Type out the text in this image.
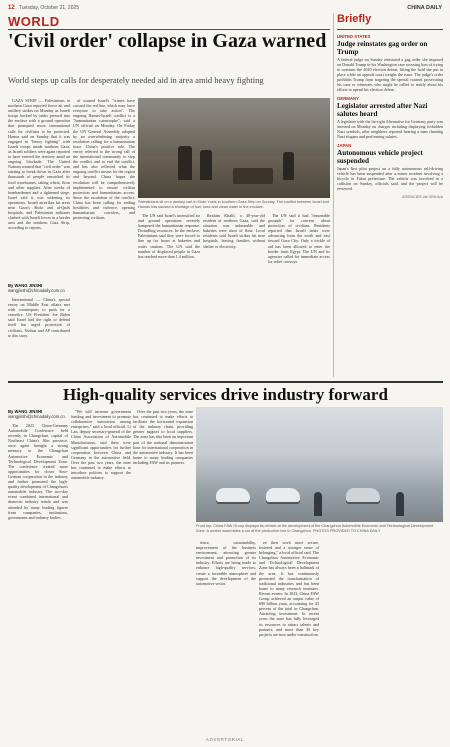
12 Tuesday, October 21, 2025	CHINA DAILY
WORLD
'Civil order' collapse in Gaza warned
World steps up calls for desperately needed aid in area amid heavy fighting

GAZA STRIP — Palestinians in northern Gaza reported fierce air and artillery strikes on Monday as Israeli troops backed by tanks pressed into the enclave with a ground operation that prompted more international calls for civilians to be protected. Hamas said on Sunday that it was engaged in "heavy fighting" with Israeli troops inside northern Gaza, as Israeli soldiers were again reported to have entered the territory amid an ongoing blockade. The United Nations warned that "civil order" was starting to break down in Gaza after thousands of people ransacked its food warehouses, taking wheat, flour and other supplies. After weeks of bombardment and a tightened siege, Israel said it was widening its operations. Israeli airstrikes hit areas near Gaza's Shifa and al-Quds hospitals, and Palestinian militants clashed with Israeli forces in a border area and the northern Gaza Strip, according to reports.

of wanted Israel's "crimes have crossed the red line, which may force everyone to take action". The ongoing Hamas-Israeli conflict is a "humanitarian catastrophe", said a UN official on Monday. On Friday the UN General Assembly adopted by an overwhelming majority a resolution calling for a humanitarian truce. China's positive role. The envoy referred to the strong call of the international community to stop the conflict and to end the conflict, and has also reflected what the ongoing conflict means for the region and beyond. China hopes the resolution will be comprehensively implemented to ensure civilian protection and humanitarian access. Since the escalation of the conflict, China has been calling for ending hostilities and violence, opening humanitarian corridors, and protecting civilians.

Palestinians sit on a donkey cart in Khan Yunis in southern Gaza Strip on Sunday. The conflict between Israel and Hamas has caused a shortage of fuel, food and clean water in the enclave.

The UN said Israel's intensified air and ground operations severely hampered the humanitarian response. Dwindling resources. In the enclave, Palestinians said they were forced to line up for hours at bakeries and water stations. The UN said the number of displaced people in Gaza has reached more than 1.4 million.

Ibrahim Khalil, a 40-year-old resident of northern Gaza, said the situation was unbearable and bakeries were short of flour. Local residents said Israeli strikes hit near hospitals, leaving families without shelter or electricity.

The UN said it had "reasonable grounds" for concern about protection of civilians. Residents reported that Israeli tanks were advancing from the north and east toward Gaza City. Only a trickle of aid has been allowed to enter the border from Egypt. The UN and its agencies called for immediate access for relief convoys.

By WANG JINSHI
wangjinshi@chinadaily.com.cn

International — China's special envoy on Middle East affairs met with counterparts to push for a ceasefire. US President Joe Biden said Israel had the right to defend itself but urged protection of civilians. Xinhua and AP contributed to this story.

Briefly
UNITED STATES
Judge reinstates gag order on Trump
A federal judge on Sunday reinstated a gag order she imposed on Donald Trump in his Washington case accusing him of trying to overturn the 2020 election defeat, lifting the hold she put in place while an appeals court weighs the issue. The judge's order prohibits Trump from targeting the special counsel prosecuting his case or witnesses who might be called to testify about his efforts to upend his election defeat.
GERMANY
Legislator arrested after Nazi salutes heard
A legislator with the far-right Alternative for Germany party was arrested on Monday on charges including displaying forbidden Nazi symbols, after neighbors reported hearing a man chanting Nazi slogans and performing salutes.
JAPAN
Autonomous vehicle project suspended
Japan's first pilot project on a fully autonomous self-driving vehicle has been suspended after a minor accident involving a bicycle in Fukui prefecture. The vehicle was involved in a collision on Sunday, officials said, and the project will be reviewed.
AGENCIES via XINHUA
High-quality services drive industry forward
By WANG JINSHI
wangjinshi@chinadaily.com.cn

The 2023 China-Germany Automobile Conference held recently in Changchun, capital of Northeast China's Jilin province, once again brought a strong memory to the Changchun Automotive Economic and Technological Development Zone. The conference created more opportunities for closer Sino-German cooperation in the industry and further promoted the high-quality development of Changchun's automobile industry. The two-day event combined international and domestic industry trends and was attended by many leading figures from companies, institutions, government and industry bodies.

"We will increase government funding and investment to promote collaborative innovation among enterprises," said a local official. Li Lan, deputy secretary-general of the China Association of Automobile Manufacturers, said there were significant opportunities for further cooperation between China and Germany in the automotive field. Over the past two years, the zone has continued to make efforts to introduce policies to support the automobile industry.

Over the past two years, the zone has continued to make efforts to facilitate the horizontal expansion of the industry chain, providing greater support to local suppliers. The zone has also been an important part of the national demonstration base for international cooperation in the automotive industry. It has been home to many leading companies including FAW and its partners.

Front top: China FAW Group displays its vehicle at the development of the Changchun Automobile Economic and Technological Development Zone. A worker assembles a car at the production line in Changchun. PHOTOS PROVIDED TO CHINA DAILY

ience, sustainability, improvement of the business environment, attracting greater investment and promotion of its industry. Efforts are being made to enhance high-quality services, create a favorable atmosphere and support the development of the automotive sector.

ee their work more secure, fostered and a stronger sense of belonging," a local official said. The Changchun Automotive Economic and Technological Development Zone has always been a hallmark of the area. It has continuously promoted the transformation of traditional industries and has been home to many research institutes. Recent events: In 2023, China FAW Group achieved an output value of 690 billion yuan, accounting for 45 percent of the total in Changchun. Attracting investment: In recent years the zone has fully leveraged its resources to attract talents and partners, and more than 30 key projects are now under construction.

ADVERTORIAL
